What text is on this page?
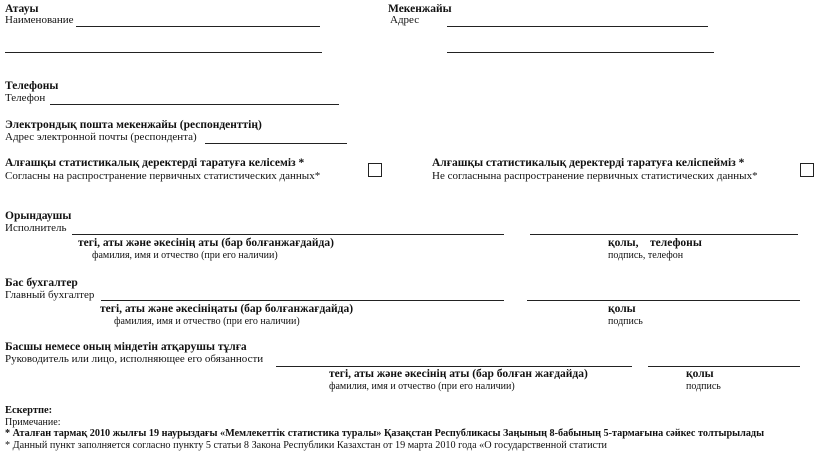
Атауы
Наименование
Мекенжайы
Адрес
Телефоны
Телефон
Электрондық пошта мекенжайы (респонденттің)
Адрес электронной почты (респондента)
Алғашқы статистикалық деректерді таратуға келісеміз *
Согласны на распространение первичных статистических данных*
Алғашқы статистикалық деректерді таратуға келіспейміз *
Не согласнына распространение первичных статистических данных*
Орындаушы
Исполнитель
тегі, аты және әкесінің аты (бар болғанжағдайда)
фамилия, имя и отчество (при его наличии)
қолы,    телефоны
подпись, телефон
Бас бухгалтер
Главный бухгалтер
тегі, аты және әкесініңаты (бар болғанжағдайда)
фамилия, имя и отчество (при его наличии)
қолы
подпись
Басшы немесе оның міндетін атқарушы тұлға
Руководитель или лицо, исполняющее его обязанности
тегі, аты және әкесінің аты (бар болған жағдайда)
фамилия, имя и отчество (при его наличии)
қолы
подпись
Ескертпе:
Примечание:
* Аталған тармақ 2010 жылғы 19 наурыздағы «Мемлекеттік статистика туралы» Қазақстан Республикасы Заңының 8-бабының 5-тармағына сәйкес толтырылады
* Данный пункт заполняется согласно пункту 5 статьи 8 Закона Республики Казахстан от 19 марта 2010 года «О государственной статисти
